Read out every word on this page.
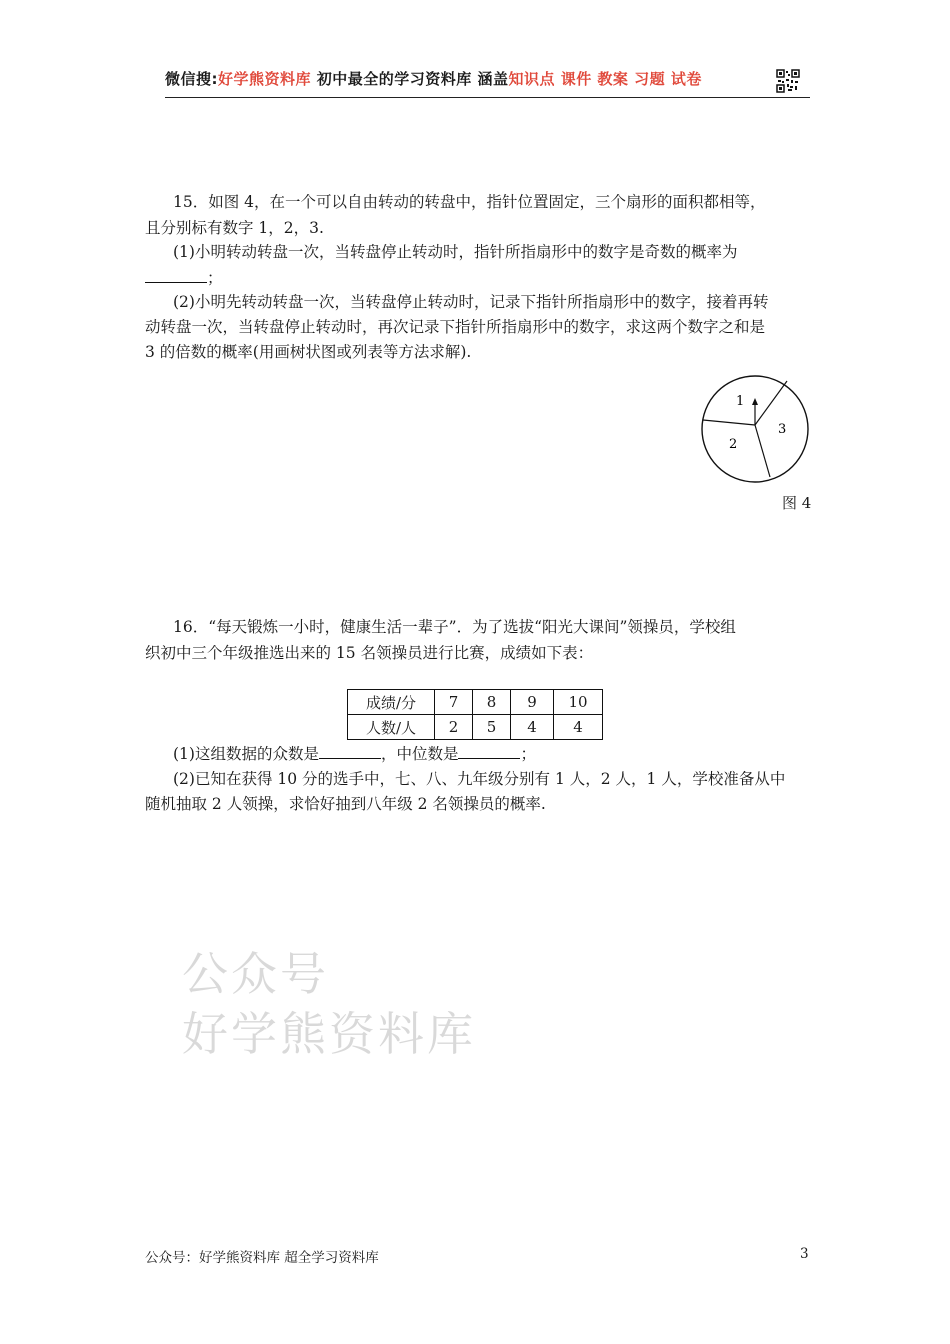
微信搜:好学熊资料库 初中最全的学习资料库 涵盖知识点 课件 教案 习题 试卷
15．如图 4，在一个可以自由转动的转盘中，指针位置固定，三个扇形的面积都相等，
且分别标有数字 1，2，3.
(1)小明转动转盘一次，当转盘停止转动时，指针所指扇形中的数字是奇数的概率为
；
(2)小明先转动转盘一次，当转盘停止转动时，记录下指针所指扇形中的数字，接着再转
动转盘一次，当转盘停止转动时，再次记录下指针所指扇形中的数字，求这两个数字之和是
3 的倍数的概率(用画树状图或列表等方法求解).
1
2
3
图 4
16．“每天锻炼一小时，健康生活一辈子”．为了选拔“阳光大课间”领操员，学校组
织初中三个年级推选出来的 15 名领操员进行比赛，成绩如下表：
成绩/分	7	8	9	10
人数/人	2	5	4	4
(1)这组数据的众数是	，中位数是	；
(2)已知在获得 10 分的选手中，七、八、九年级分别有 1 人，2 人，1 人，学校准备从中
随机抽取 2 人领操，求恰好抽到八年级 2 名领操员的概率.
公众号
好学熊资料库
公众号：好学熊资料库 超全学习资料库	3
